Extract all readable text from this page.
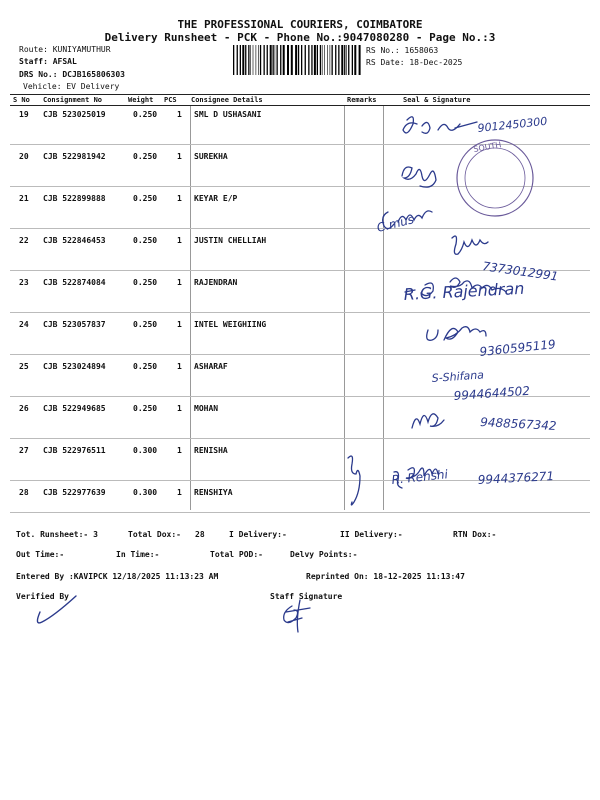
THE PROFESSIONAL COURIERS, COIMBATORE
Delivery Runsheet - PCK - Phone No.:9047080280 - Page No.:3
Route: KUNIYAMUTHUR
Staff: AFSAL
DRS No.: DCJB165806303
Vehicle: EV Delivery
RS No.: 1658063
RS Date: 18-Dec-2025
S No Consignment No	Weight PCS Consignee Details	Remarks	Seal & Signature
19 CJB 523025019	0.250 1 SML D USHASANI
20 CJB 522981942	0.250 1 SUREKHA
21 CJB 522899888	0.250 1 KEYAR E/P
22 CJB 522846453	0.250 1 JUSTIN CHELLIAH
23 CJB 522874084	0.250 1 RAJENDRAN
24 CJB 523057837	0.250 1 INTEL WEIGHIING
25 CJB 523024894	0.250 1 ASHARAF
26 CJB 522949685	0.250 1 MOHAN
27 CJB 522976511	0.300 1 RENISHA
28 CJB 522977639	0.300 1 RENSHIYA
SOUTH
9012450300
C.mus
7373012991
R.G. Rajendran
9360595119
S-Shifana
9944644502
9488567342
R. Renshi 9944376271
Tot. Runsheet:- 3	Total Dox:- 28	I Delivery:-	II Delivery:-	RTN Dox:-
Out Time:-	In Time:-	Total POD:-	Delvy Points:-
Entered By :KAVIPCK 12/18/2025 11:13:23 AM	Reprinted On: 18-12-2025 11:13:47
Verified By	Staff Signature
